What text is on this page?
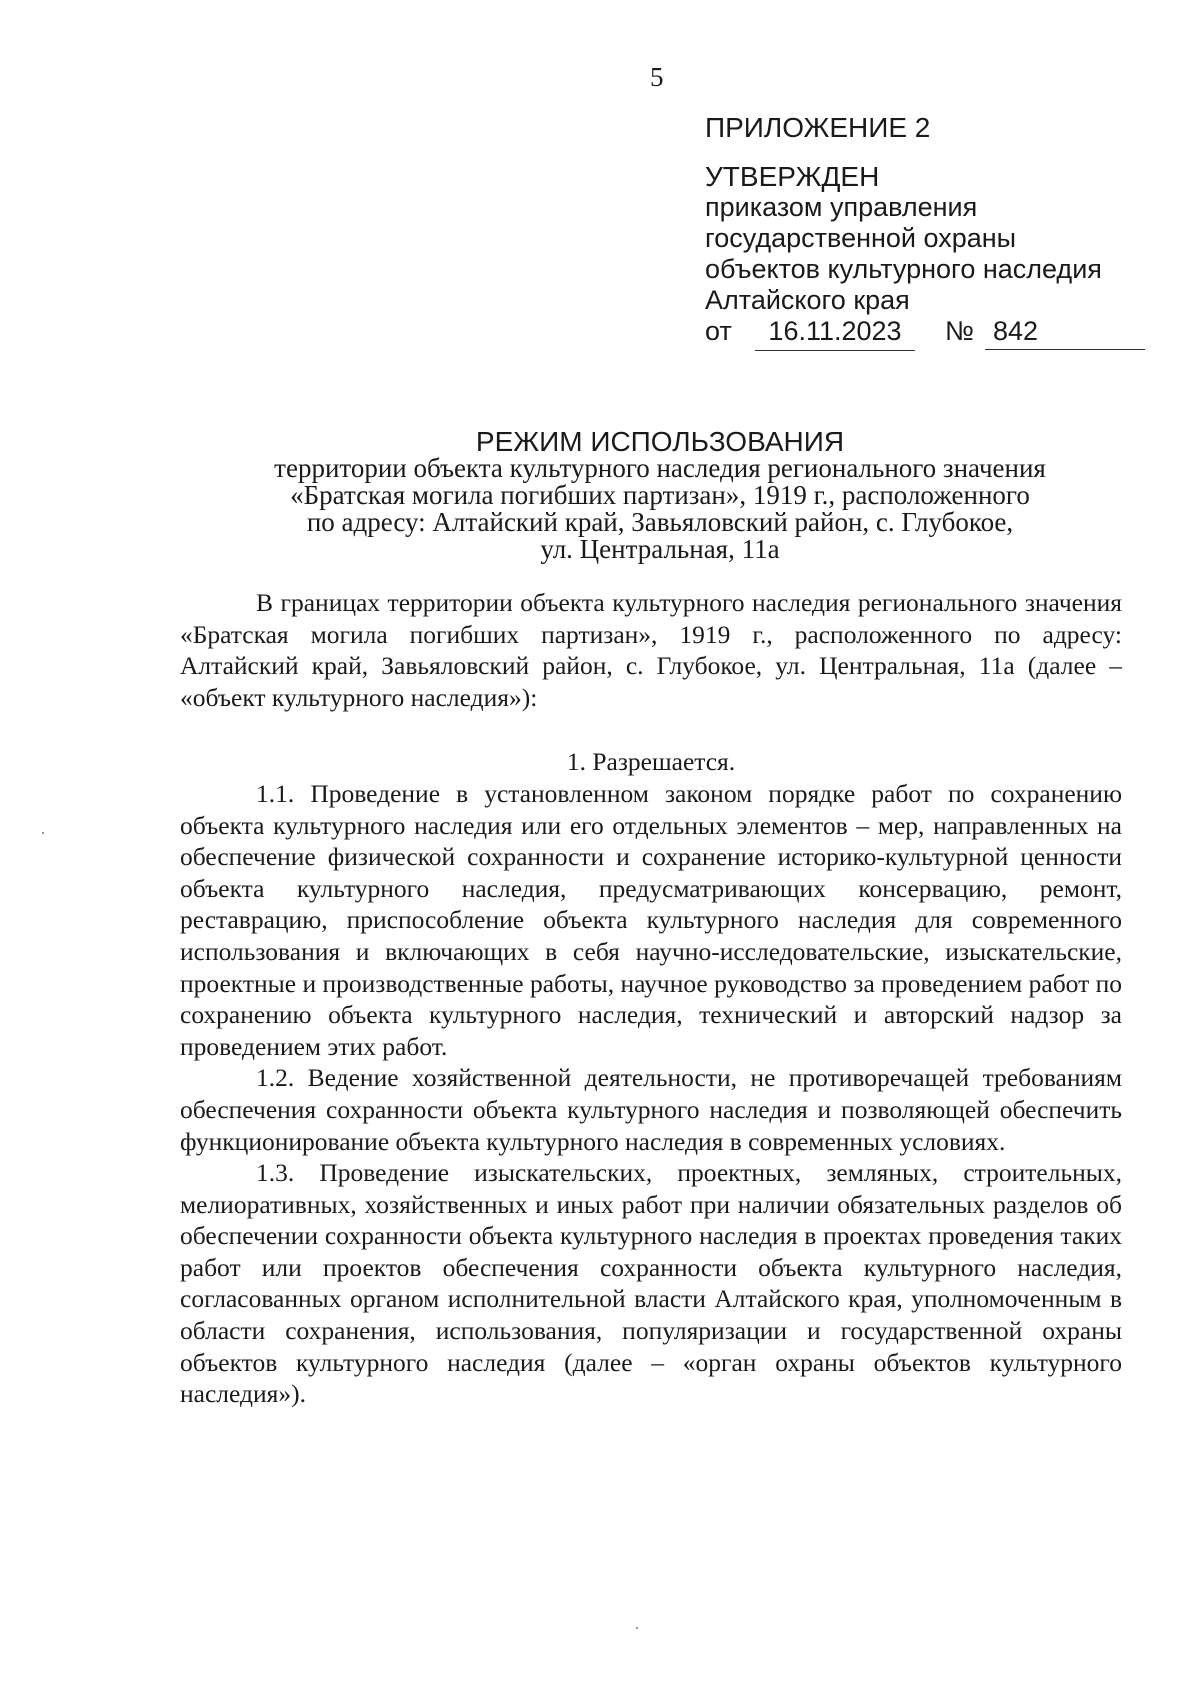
5
ПРИЛОЖЕНИЕ 2
УТВЕРЖДЕН
приказом управления
государственной охраны
объектов культурного наследия
Алтайского края
от	16.11.2023	№ 842
РЕЖИМ ИСПОЛЬЗОВАНИЯ
территории объекта культурного наследия регионального значения
«Братская могила погибших партизан», 1919 г., расположенного
по адресу: Алтайский край, Завьяловский район, с. Глубокое,
ул. Центральная, 11а

В границах территории объекта культурного наследия регионального значения «Братская могила погибших партизан», 1919 г., расположенного по адресу: Алтайский край, Завьяловский район, с. Глубокое, ул. Центральная, 11а (далее – «объект культурного наследия»):

1. Разрешается.

1.1. Проведение в установленном законом порядке работ по сохранению объекта культурного наследия или его отдельных элементов – мер, направленных на обеспечение физической сохранности и сохранение историко-культурной ценности объекта культурного наследия, предусматривающих консервацию, ремонт, реставрацию, приспособление объекта культурного наследия для современного использования и включающих в себя научно-исследовательские, изыскательские, проектные и производственные работы, научное руководство за проведением работ по сохранению объекта культурного наследия, технический и авторский надзор за проведением этих работ.

1.2. Ведение хозяйственной деятельности, не противоречащей требованиям обеспечения сохранности объекта культурного наследия и позволяющей обеспечить функционирование объекта культурного наследия в современных условиях.

1.3. Проведение изыскательских, проектных, земляных, строительных, мелиоративных, хозяйственных и иных работ при наличии обязательных разделов об обеспечении сохранности объекта культурного наследия в проектах проведения таких работ или проектов обеспечения сохранности объекта культурного наследия, согласованных органом исполнительной власти Алтайского края, уполномоченным в области сохранения, использования, популяризации и государственной охраны объектов культурного наследия (далее – «орган охраны объектов культурного наследия»).
